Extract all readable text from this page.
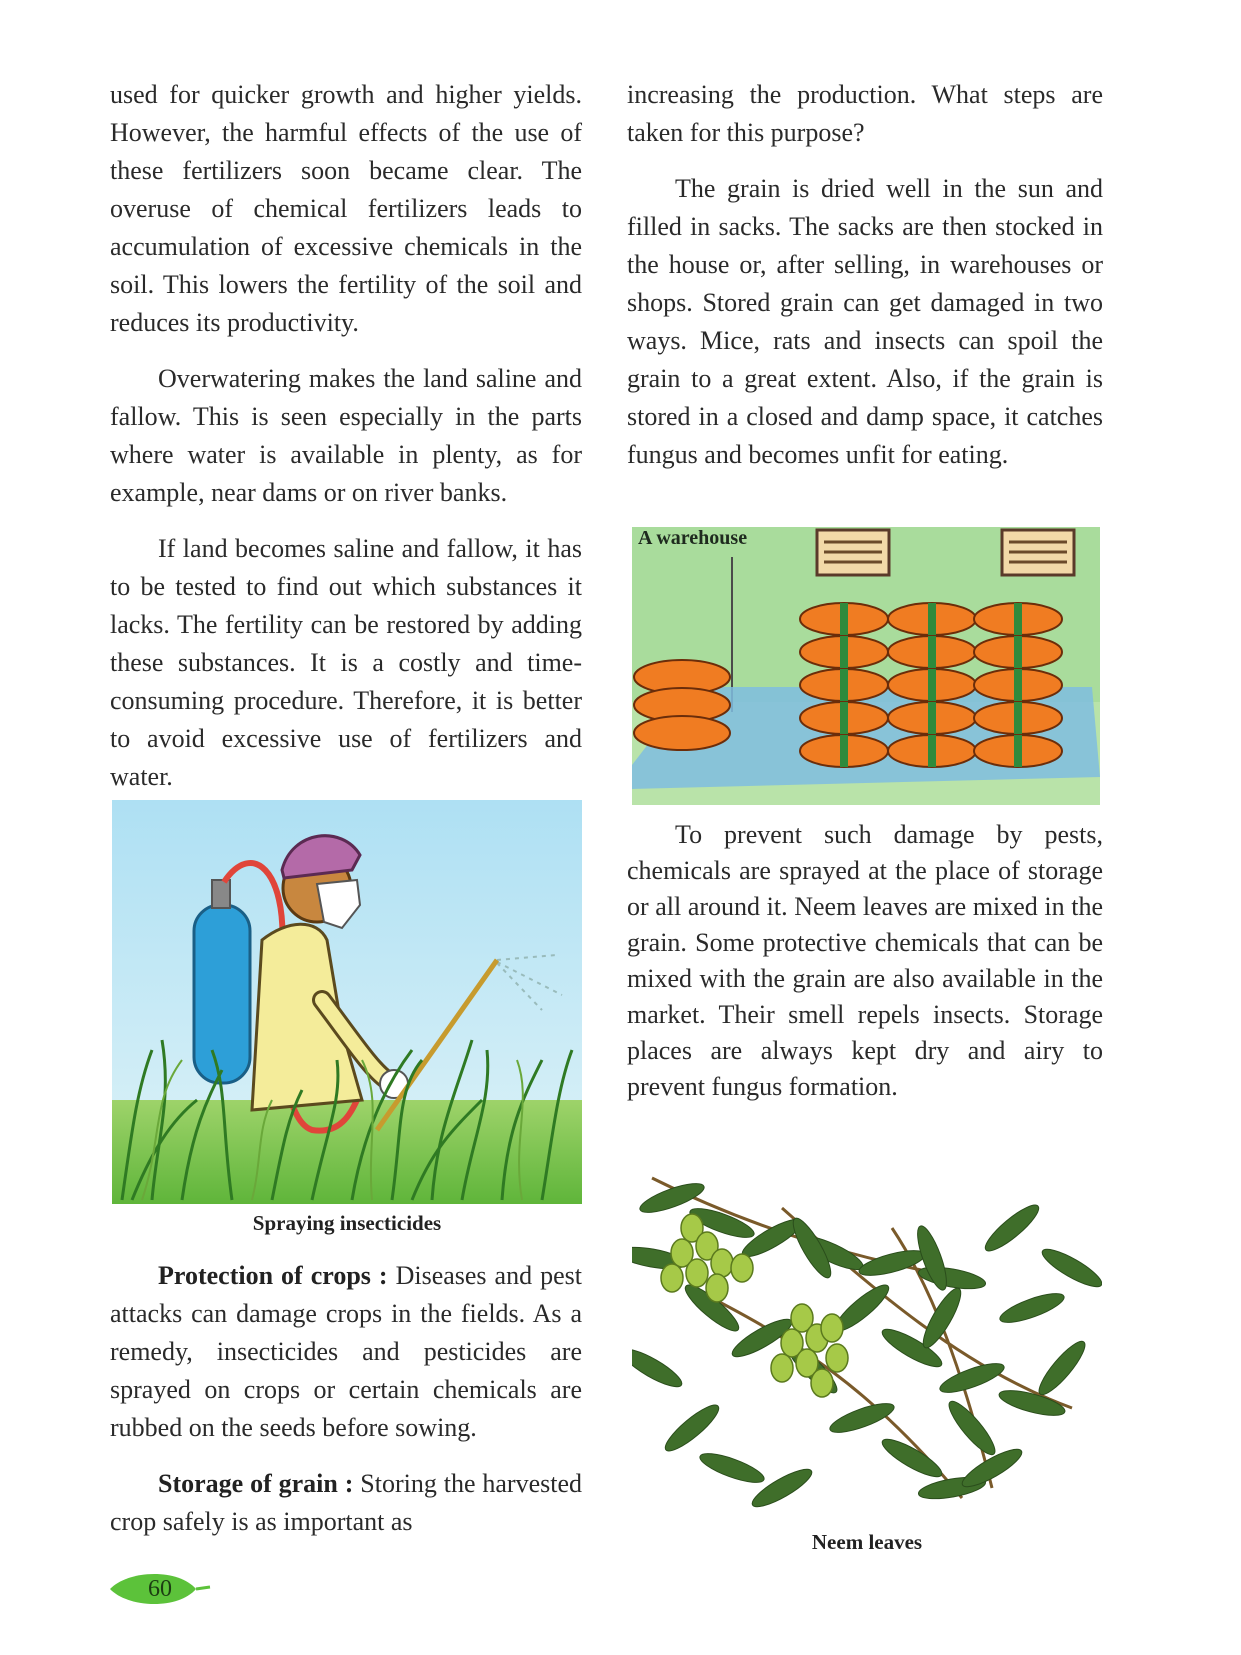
used for quicker growth and higher yields. However, the harmful effects of the use of these fertilizers soon became clear. The overuse of chemical fertilizers leads to accumulation of excessive chemicals in the soil. This lowers the fertility of the soil and reduces its productivity.

Overwatering makes the land saline and fallow. This is seen especially in the parts where water is available in plenty, as for example, near dams or on river banks.

If land becomes saline and fallow, it has to be tested to find out which substances it lacks. The fertility can be restored by adding these substances. It is a costly and time-consuming procedure. Therefore, it is better to avoid excessive use of fertilizers and water.

Spraying insecticides

Protection of crops : Diseases and pest attacks can damage crops in the fields. As a remedy, insecticides and pesticides are sprayed on crops or certain chemicals are rubbed on the seeds before sowing.

Storage of grain : Storing the harvested crop safely is as important as

increasing the production. What steps are taken for this purpose?

The grain is dried well in the sun and filled in sacks. The sacks are then stocked in the house or, after selling, in warehouses or shops. Stored grain can get damaged in two ways. Mice, rats and insects can spoil the grain to a great extent. Also, if the grain is stored in a closed and damp space, it catches fungus and becomes unfit for eating.

A warehouse

To prevent such damage by pests, chemicals are sprayed at the place of storage or all around it. Neem leaves are mixed in the grain. Some protective chemicals that can be mixed with the grain are also available in the market. Their smell repels insects. Storage places are always kept dry and airy to prevent fungus formation.

Neem leaves
60
